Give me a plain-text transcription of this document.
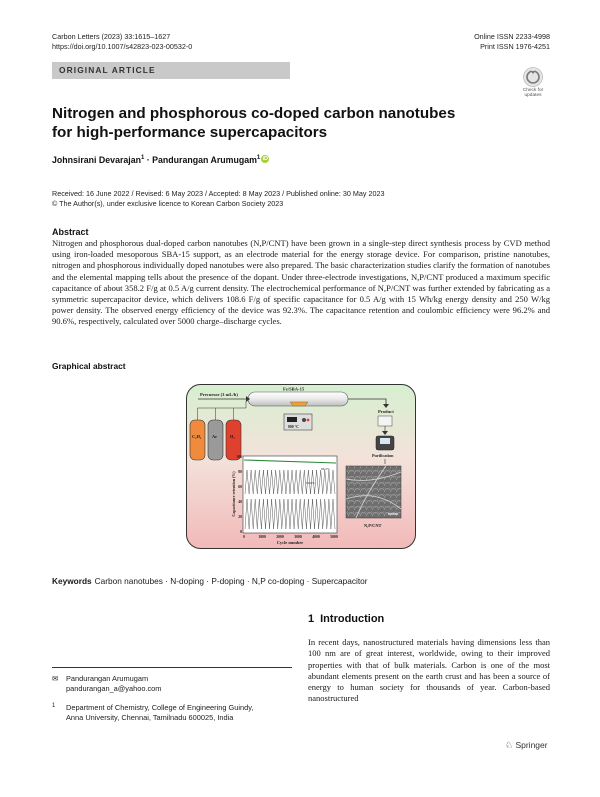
Carbon Letters (2023) 33:1615–1627
https://doi.org/10.1007/s42823-023-00532-0
Online ISSN 2233-4998
Print ISSN 1976-4251
ORIGINAL ARTICLE
Check for
updates
Nitrogen and phosphorous co-doped carbon nanotubes
for high-performance supercapacitors
Johnsirani Devarajan$^1$ · Pandurangan Arumugam$^1$ iD
Received: 16 June 2022 / Revised: 6 May 2023 / Accepted: 8 May 2023 / Published online: 30 May 2023
© The Author(s), under exclusive licence to Korean Carbon Society 2023
Abstract
Nitrogen and phosphorous dual-doped carbon nanotubes (N,P/CNT) have been grown in a single-step direct synthesis process by CVD method using iron-loaded mesoporous SBA-15 support, as an electrode material for the energy storage device. For comparison, pristine nanotubes, nitrogen and phosphorous individually doped nanotubes were also prepared. The basic characterization studies clarify the formation of nanotubes and the elemental mapping tells about the presence of the dopant. Under three-electrode investigations, N,P/CNT produced a maximum specific capacitance of about 358.2 F/g at 0.5 A/g current density. The electrochemical performance of N,P/CNT was further extended by fabricating as a symmetric supercapacitor device, which delivers 108.6 F/g of specific capacitance for 0.5 A/g with 15 Wh/kg energy density and 250 W/kg power density. The observed energy efficiency of the device was 92.3%. The capacitance retention and coulombic efficiency were 96.2% and 90.6%, respectively, calculated over 5000 charge–discharge cycles.
Graphical abstract
Precursor (3 mL/h)
Fe/SBA-15
Product
800 °C
C₂H₂ Ar	H₂
Purification
N,P/CNT
96.2%
90.6%
100
80
60
40
20
0
0	1000	2000	3000	4000	5000
Cycle number
Capacitance retention (%)
Keywords Carbon nanotubes · N-doping · P-doping · N,P co-doping · Supercapacitor
1 Introduction
In recent days, nanostructured materials having dimensions less than 100 nm are of great interest, worldwide, owing to their improved properties with that of bulk materials. Carbon is one of the most abundant elements present on the earth crust and has been a source of energy to human society for thousands of year. Carbon-based nanostructured
✉ Pandurangan Arumugam
pandurangan_a@yahoo.com
1 Department of Chemistry, College of Engineering Guindy,
Anna University, Chennai, Tamilnadu 600025, India
♘ Springer
